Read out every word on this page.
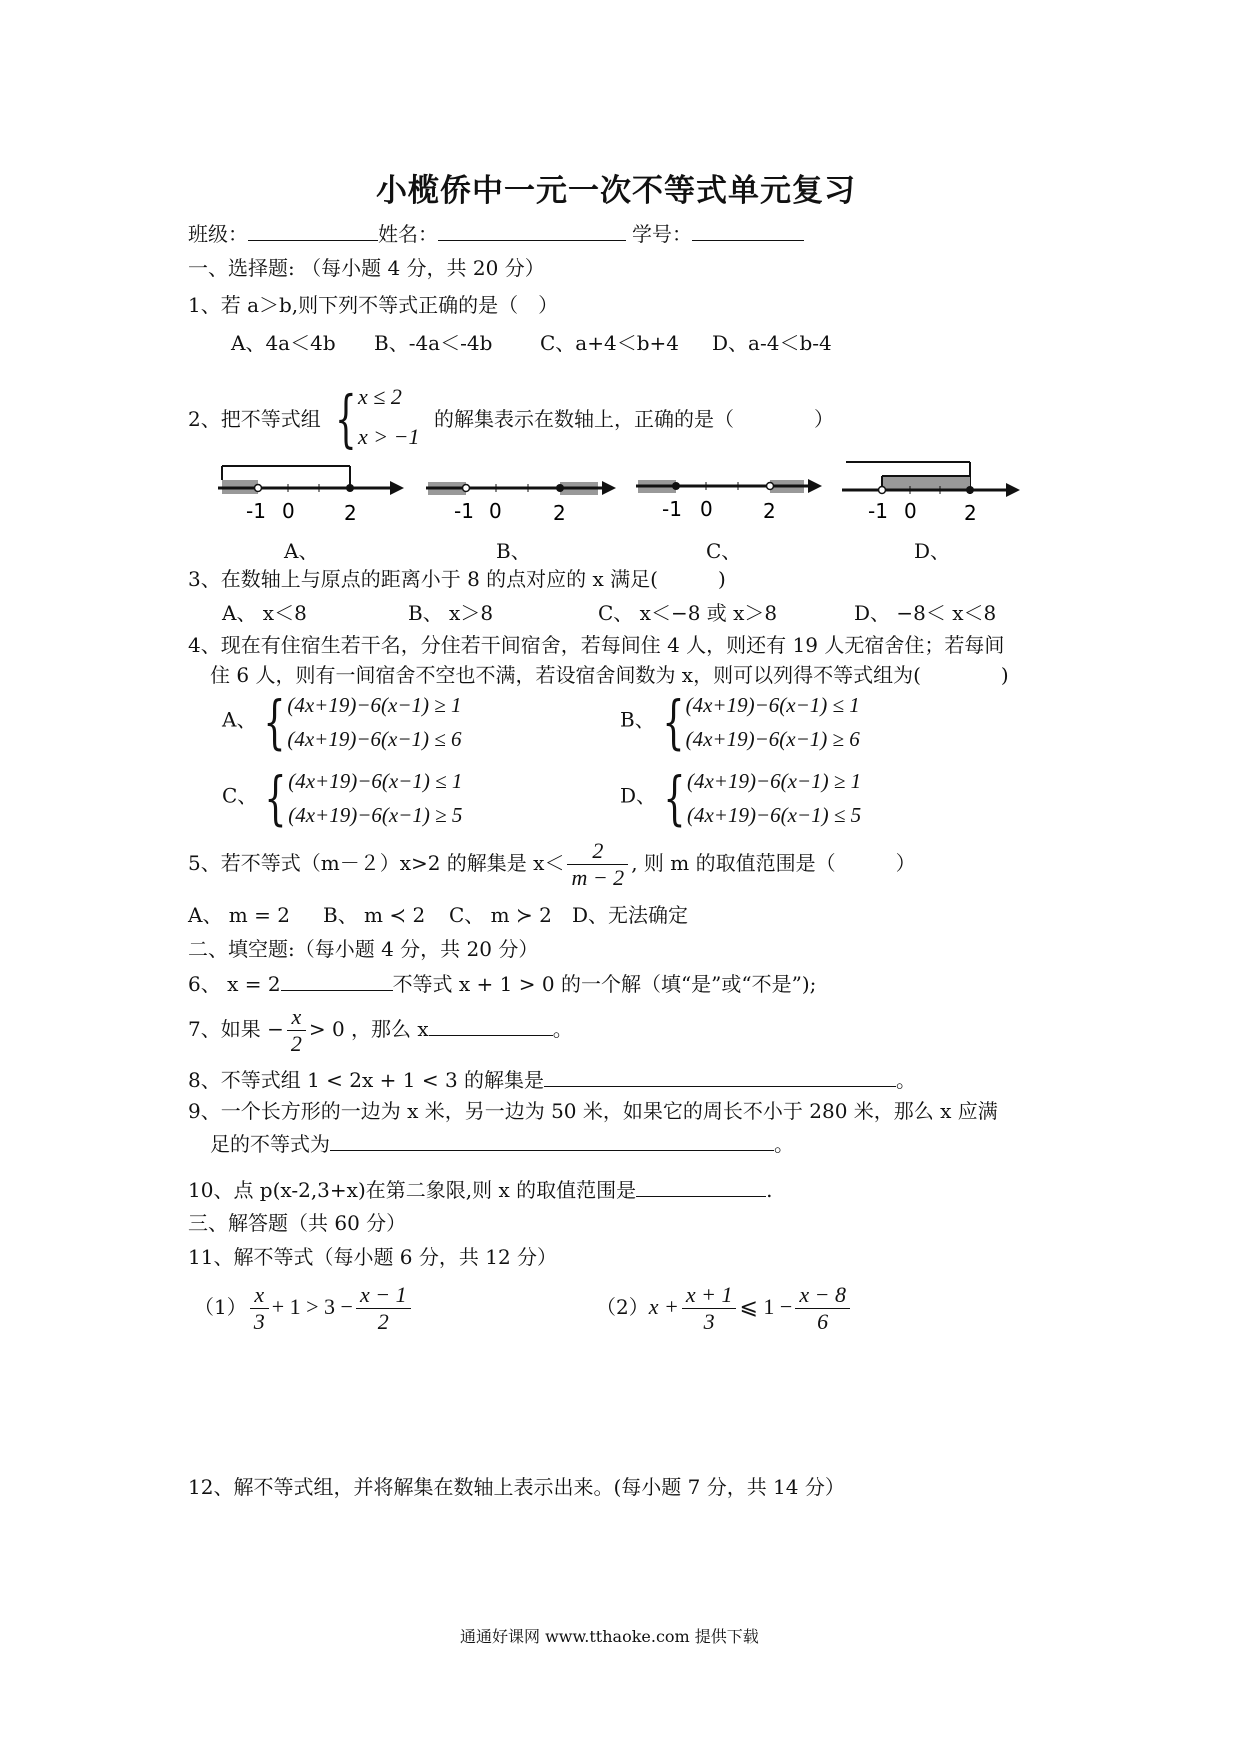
小榄侨中一元一次不等式单元复习
班级：	姓名：	学号：
一、选择题: （每小题 4 分，共 20 分）
1、若 a＞b,则下列不等式正确的是（　）
A、4a＜4b B、-4a＜-4b C、a+4＜b+4 D、a-4＜b-4
2、把不等式组 { x ≤ 2
x > −1
的解集表示在数轴上，正确的是（　　　　）
-1 0 2	-1 0	2	-1 0	2	-1 0 2
A、	B、	C、	D、
3、在数轴上与原点的距离小于 8 的点对应的 x 满足(　　　)
A、 x＜8	B、 x＞8	C、 x＜−8 或 x＞8	D、 −8＜ x＜8
4、现在有住宿生若干名，分住若干间宿舍，若每间住 4 人，则还有 19 人无宿舍住；若每间
住 6 人，则有一间宿舍不空也不满，若设宿舍间数为 x，则可以列得不等式组为(　　　　)
A、 { (4x+19)−6(x−1) ≥ 1
(4x+19)−6(x−1) ≤ 6
B、 { (4x+19)−6(x−1) ≤ 1
(4x+19)−6(x−1) ≥ 6
C、 { (4x+19)−6(x−1) ≤ 1
(4x+19)−6(x−1) ≥ 5
D、 { (4x+19)−6(x−1) ≥ 1
(4x+19)−6(x−1) ≤ 5
5、若不等式（m－２）x>2 的解集是 $x< \frac{2}{m - 2}$ , 则 m 的取值范围是（　　　）
A、 m = 2 B、 m ≺ 2 C、 m ≻ 2 D、无法确定
二、填空题:（每小题 4 分，共 20 分）
6、 x = 2	不等式 x + 1 > 0 的一个解（填“是”或“不是”);
7、如果 − $\frac{x}{2} > 0$ ，那么 x	。
8、不等式组 1 < 2x + 1 < 3 的解集是	。
9、一个长方形的一边为 x 米，另一边为 50 米，如果它的周长不小于 280 米，那么 x 应满
足的不等式为	。
10、点 p(x-2,3+x)在第二象限,则 x 的取值范围是	.
三、解答题（共 60 分）
11、解不等式（每小题 6 分，共 12 分）
$(1) \frac{x}{3} + 1 > 3 - \frac{x - 1}{2}$	$(2)x + \frac{x + 1}{3}$ ⩽ $1 - \frac{x - 8}{6}$
12、解不等式组，并将解集在数轴上表示出来。(每小题 7 分，共 14 分）
通通好课网 www.tthaoke.com 提供下载
